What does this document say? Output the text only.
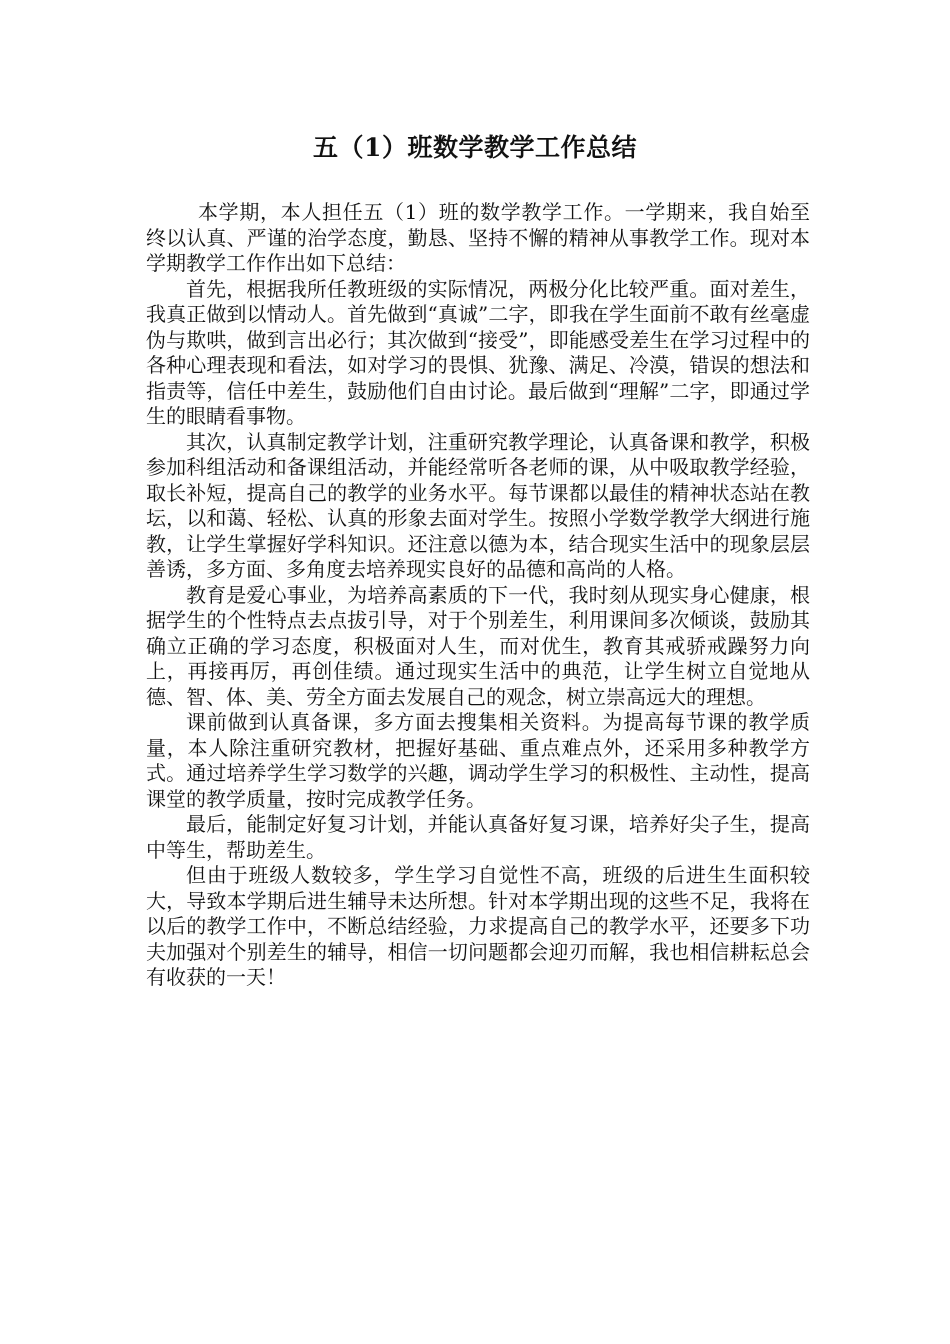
五（1）班数学教学工作总结

本学期，本人担任五（1）班的数学教学工作。一学期来，我自始至终以认真、严谨的治学态度，勤恳、坚持不懈的精神从事教学工作。现对本学期教学工作作出如下总结：

首先，根据我所任教班级的实际情况，两极分化比较严重。面对差生，我真正做到以情动人。首先做到“真诚”二字，即我在学生面前不敢有丝毫虚伪与欺哄，做到言出必行；其次做到“接受”，即能感受差生在学习过程中的各种心理表现和看法，如对学习的畏惧、犹豫、满足、冷漠，错误的想法和指责等，信任中差生，鼓励他们自由讨论。最后做到“理解”二字，即通过学生的眼睛看事物。

其次，认真制定教学计划，注重研究教学理论，认真备课和教学，积极参加科组活动和备课组活动，并能经常听各老师的课，从中吸取教学经验，取长补短，提高自己的教学的业务水平。每节课都以最佳的精神状态站在教坛，以和蔼、轻松、认真的形象去面对学生。按照小学数学教学大纲进行施教，让学生掌握好学科知识。还注意以德为本，结合现实生活中的现象层层善诱，多方面、多角度去培养现实良好的品德和高尚的人格。

教育是爱心事业，为培养高素质的下一代，我时刻从现实身心健康，根据学生的个性特点去点拔引导，对于个别差生，利用课间多次倾谈，鼓励其确立正确的学习态度，积极面对人生，而对优生，教育其戒骄戒躁努力向上，再接再厉，再创佳绩。通过现实生活中的典范，让学生树立自觉地从德、智、体、美、劳全方面去发展自己的观念，树立崇高远大的理想。

课前做到认真备课，多方面去搜集相关资料。为提高每节课的教学质量，本人除注重研究教材，把握好基础、重点难点外，还采用多种教学方式。通过培养学生学习数学的兴趣，调动学生学习的积极性、主动性，提高课堂的教学质量，按时完成教学任务。

最后，能制定好复习计划，并能认真备好复习课，培养好尖子生，提高中等生，帮助差生。

但由于班级人数较多，学生学习自觉性不高，班级的后进生生面积较大，导致本学期后进生辅导未达所想。针对本学期出现的这些不足，我将在以后的教学工作中，不断总结经验，力求提高自己的教学水平，还要多下功夫加强对个别差生的辅导，相信一切问题都会迎刃而解，我也相信耕耘总会有收获的一天！
